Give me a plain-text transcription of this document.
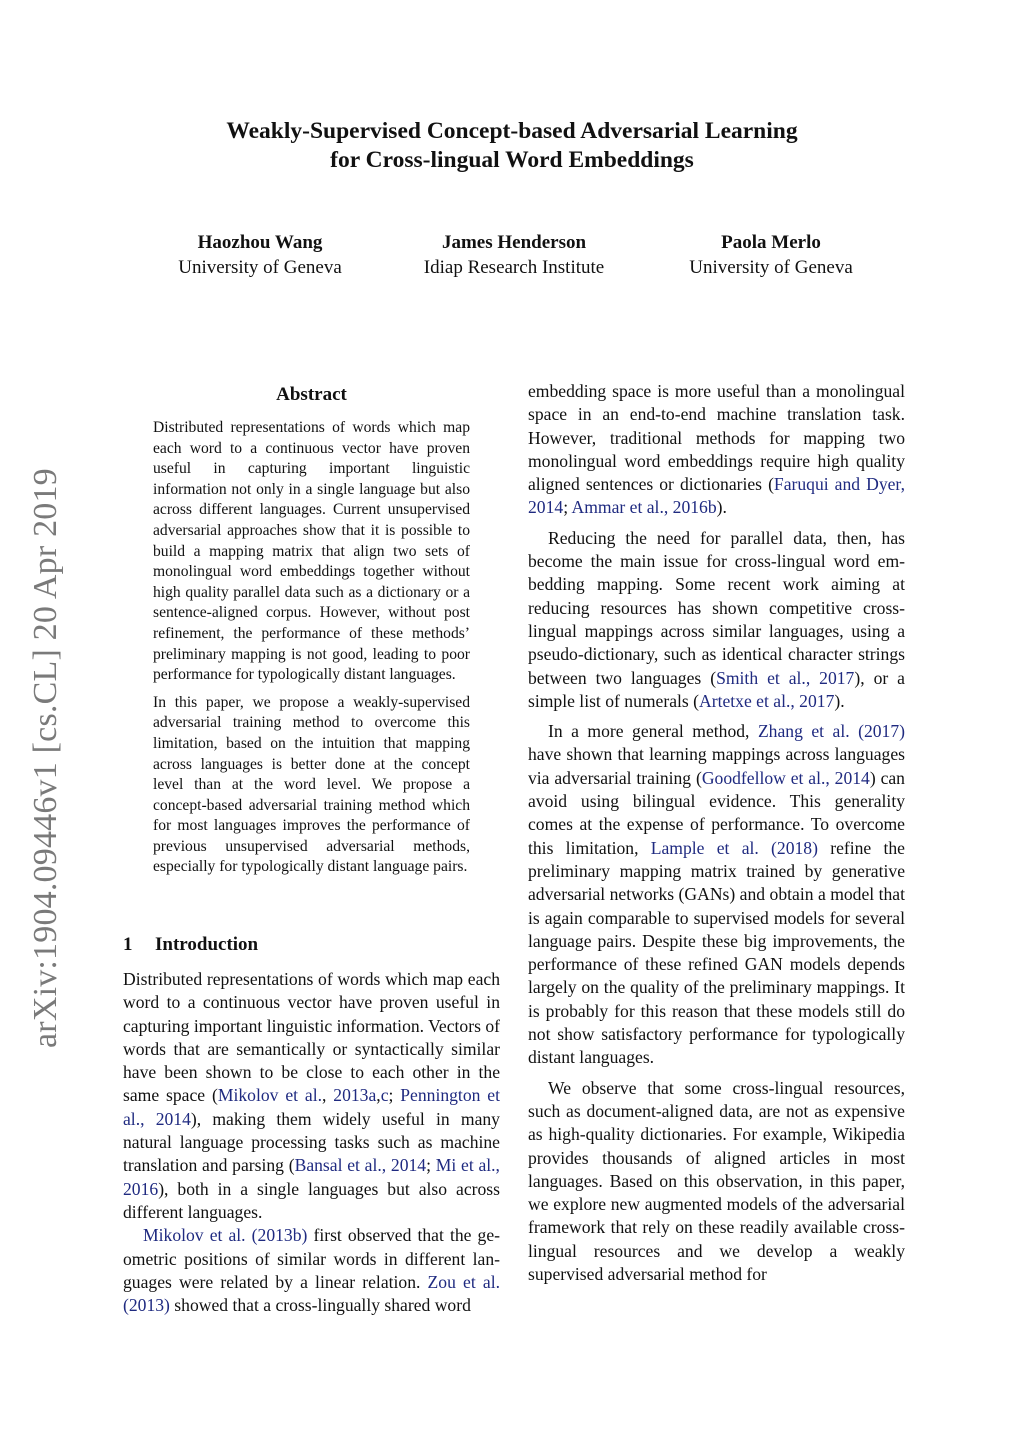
Weakly-Supervised Concept-based Adversarial Learning
for Cross-lingual Word Embeddings
Haozhou Wang
University of Geneva
James Henderson
Idiap Research Institute
Paola Merlo
University of Geneva
arXiv:1904.09446v1 [cs.CL] 20 Apr 2019
Abstract

Distributed representations of words which map each word to a continuous vector have proven useful in capturing important linguistic information not only in a single language but also across different languages. Current unsupervised adversarial approaches show that it is possible to build a mapping matrix that align two sets of monolingual word embeddings together without high quality parallel data such as a dictionary or a sentence-aligned corpus. However, without post refinement, the performance of these methods’ preliminary mapping is not good, leading to poor performance for typologically distant languages.

In this paper, we propose a weakly-supervised adversarial training method to overcome this limitation, based on the intuition that mapping across languages is better done at the concept level than at the word level. We propose a concept-based adversarial training method which for most languages improves the performance of previous unsupervised adversarial methods, especially for typologically distant language pairs.

1 Introduction

Distributed representations of words which map each word to a continuous vector have proven useful in capturing important linguistic information. Vectors of words that are semantically or syntactically similar have been shown to be close to each other in the same space (Mikolov et al., 2013a,c; Pennington et al., 2014), making them widely useful in many natural language processing tasks such as machine translation and parsing (Bansal et al., 2014; Mi et al., 2016), both in a single languages but also across different languages.

Mikolov et al. (2013b) first observed that the geometric positions of similar words in different languages were related by a linear relation. Zou et al. (2013) showed that a cross-lingually shared word

embedding space is more useful than a monolingual space in an end-to-end machine translation task. However, traditional methods for mapping two monolingual word embeddings require high quality aligned sentences or dictionaries (Faruqui and Dyer, 2014; Ammar et al., 2016b).

Reducing the need for parallel data, then, has become the main issue for cross-lingual word embedding mapping. Some recent work aiming at reducing resources has shown competitive cross-lingual mappings across similar languages, using a pseudo-dictionary, such as identical character strings between two languages (Smith et al., 2017), or a simple list of numerals (Artetxe et al., 2017).

In a more general method, Zhang et al. (2017) have shown that learning mappings across languages via adversarial training (Goodfellow et al., 2014) can avoid using bilingual evidence. This generality comes at the expense of performance. To overcome this limitation, Lample et al. (2018) refine the preliminary mapping matrix trained by generative adversarial networks (GANs) and obtain a model that is again comparable to supervised models for several language pairs. Despite these big improvements, the performance of these refined GAN models depends largely on the quality of the preliminary mappings. It is probably for this reason that these models still do not show satisfactory performance for typologically distant languages.

We observe that some cross-lingual resources, such as document-aligned data, are not as expensive as high-quality dictionaries. For example, Wikipedia provides thousands of aligned articles in most languages. Based on this observation, in this paper, we explore new augmented models of the adversarial framework that rely on these readily available cross-lingual resources and we develop a weakly supervised adversarial method for
